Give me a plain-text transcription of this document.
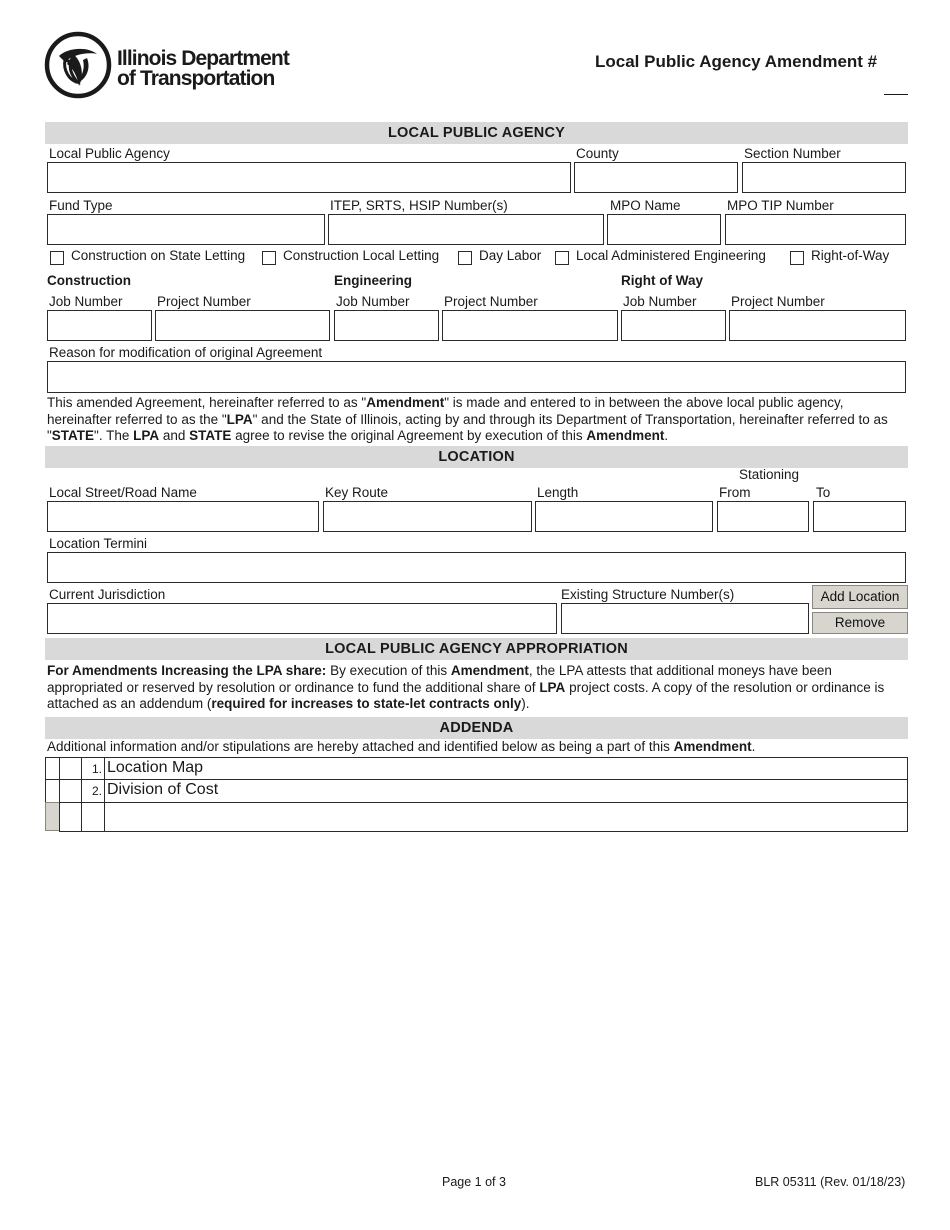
Illinois Department
of Transportation
Local Public Agency Amendment #
LOCAL PUBLIC AGENCY
Local Public Agency	County	Section Number
Fund Type	ITEP, SRTS, HSIP Number(s)	MPO Name	MPO TIP Number
Construction on State Letting	Construction Local Letting	Day Labor	Local Administered Engineering	Right-of-Way
Construction	Engineering	Right of Way
Job Number	Project Number	Job Number	Project Number	Job Number	Project Number
Reason for modification of original Agreement
This amended Agreement, hereinafter referred to as "Amendment" is made and entered to in between the above local public agency, hereinafter referred to as the "LPA" and the State of Illinois, acting by and through its Department of Transportation, hereinafter referred to as "STATE". The LPA and STATE agree to revise the original Agreement by execution of this Amendment.
LOCATION
Stationing
Local Street/Road Name	Key Route	Length	From	To
Location Termini
Current Jurisdiction	Existing Structure Number(s)	Add Location
Remove
LOCAL PUBLIC AGENCY APPROPRIATION
For Amendments Increasing the LPA share: By execution of this Amendment, the LPA attests that additional moneys have been appropriated or reserved by resolution or ordinance to fund the additional share of LPA project costs. A copy of the resolution or ordinance is attached as an addendum (required for increases to state-let contracts only).
ADDENDA
Additional information and/or stipulations are hereby attached and identified below as being a part of this Amendment.
1. Location Map
2. Division of Cost
Page 1 of 3	BLR 05311 (Rev. 01/18/23)
